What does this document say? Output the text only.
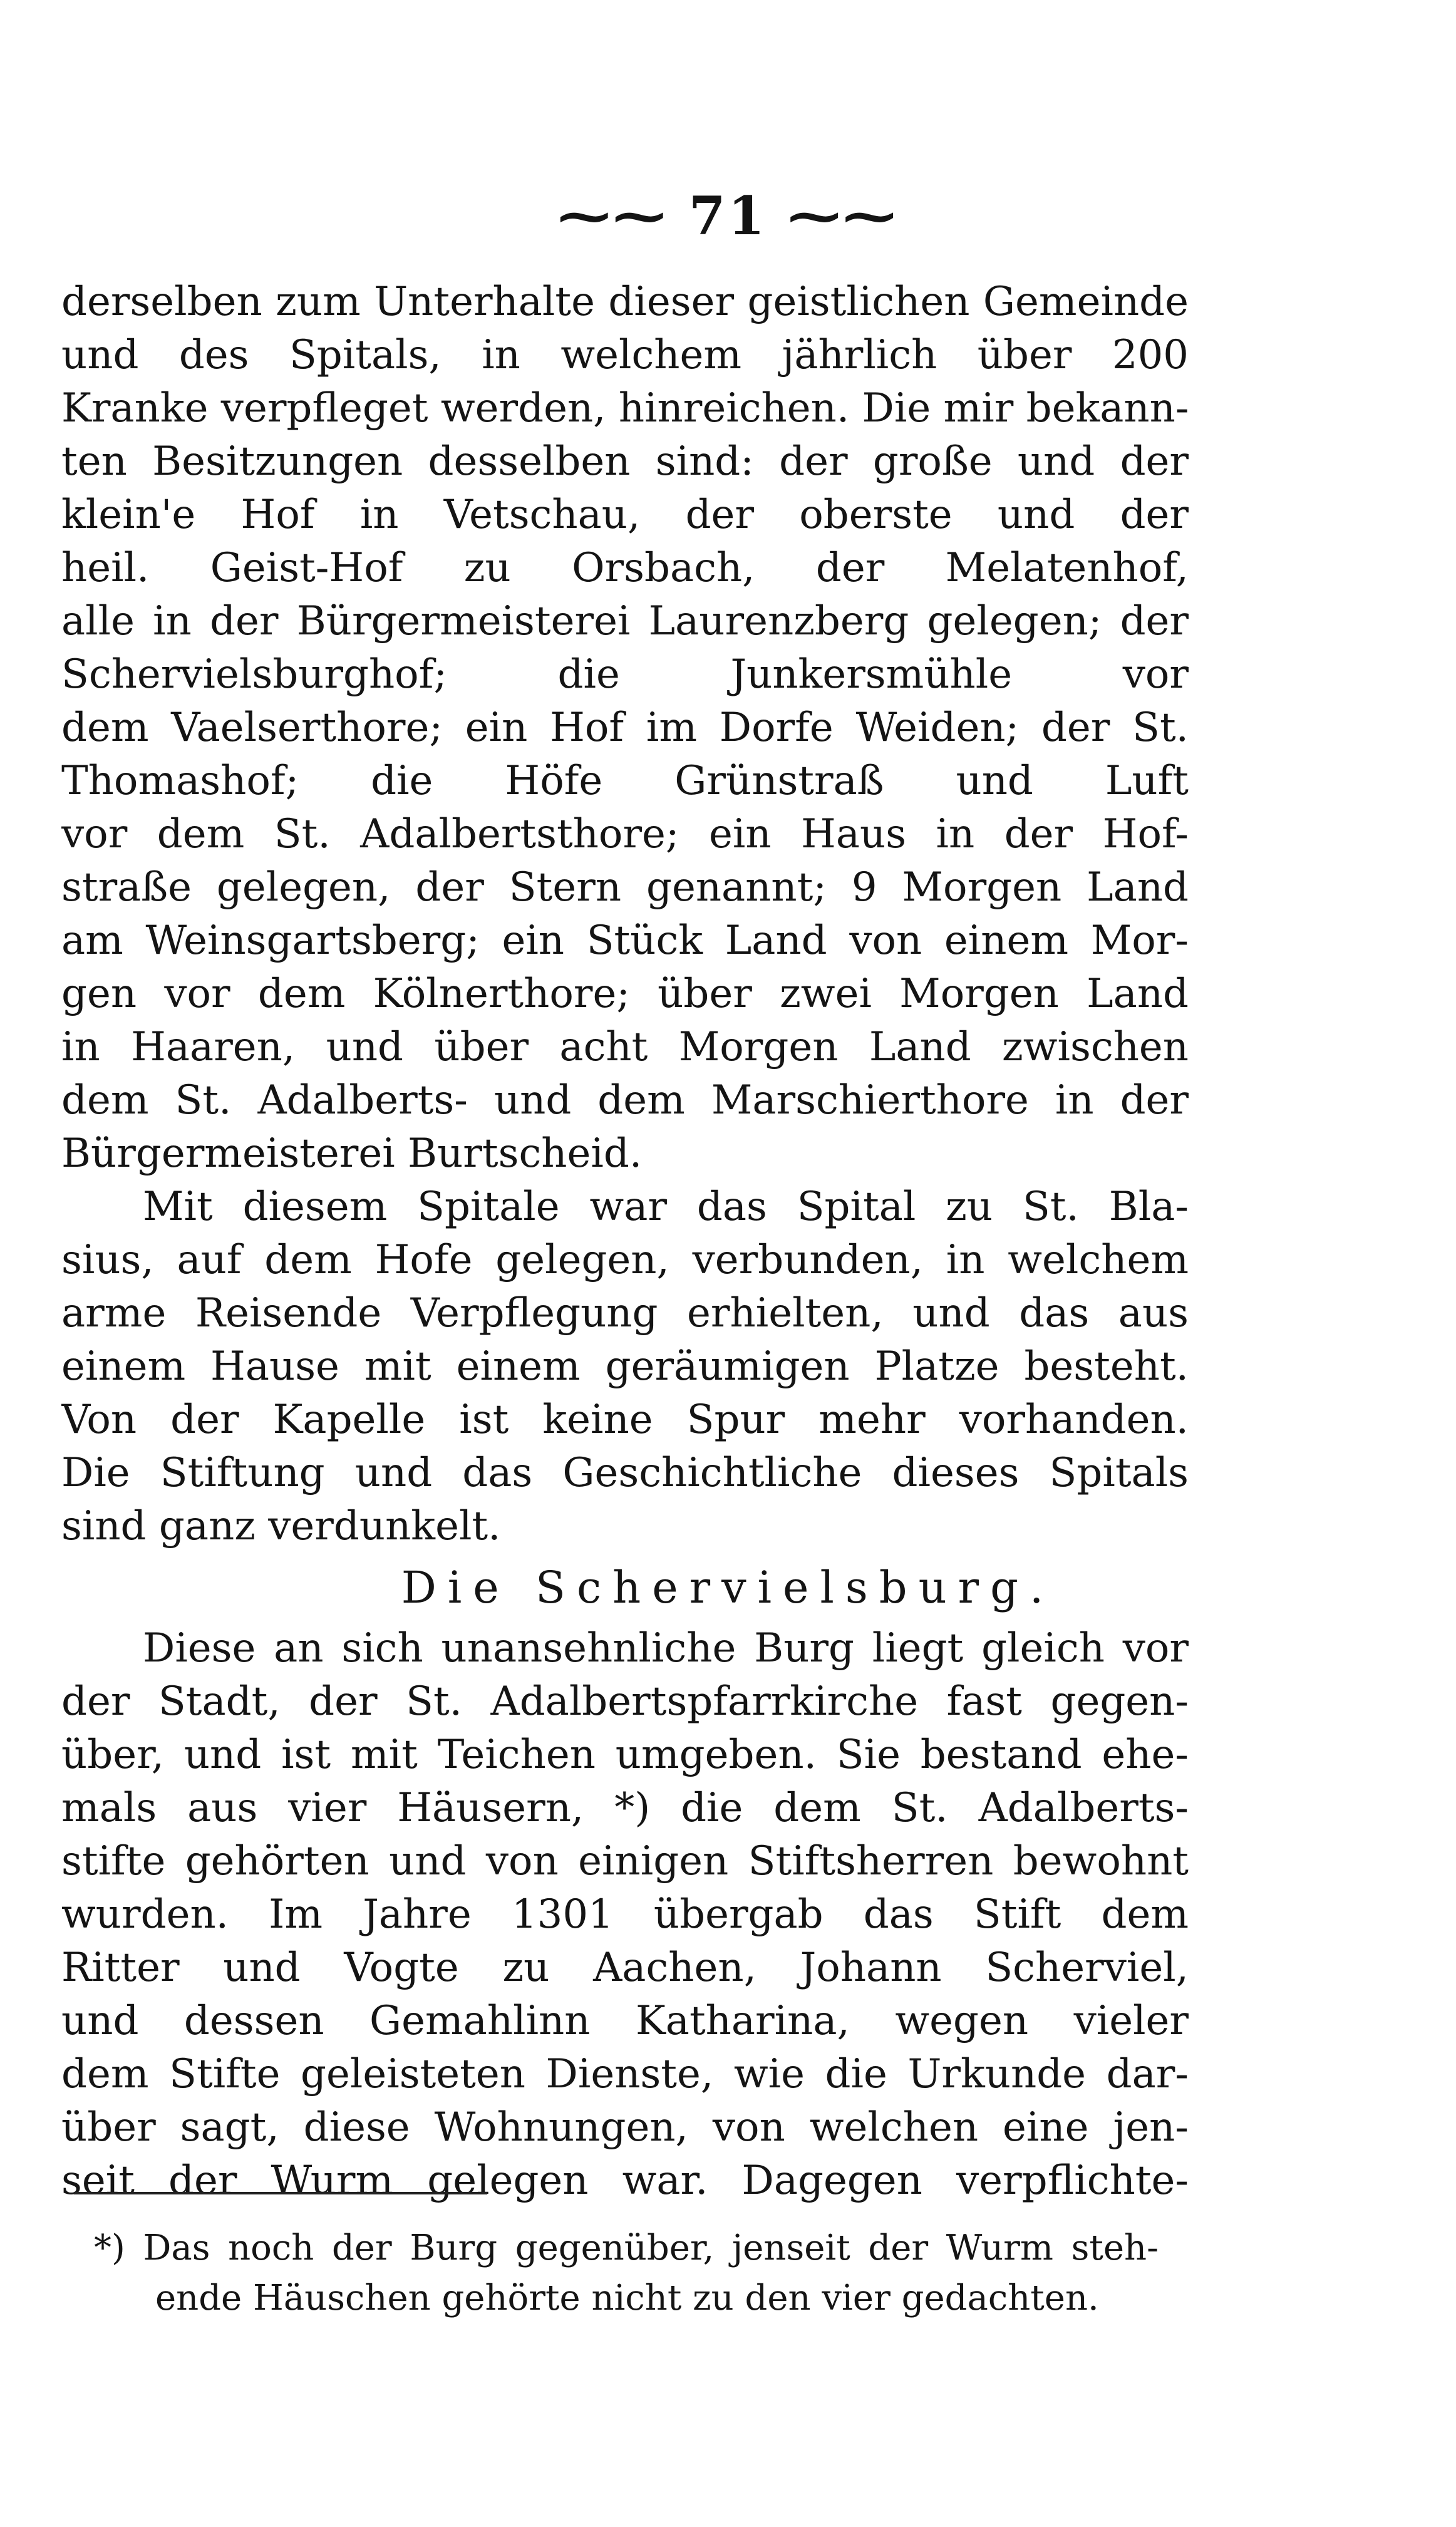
⁓⁓ 71 ⁓⁓
derselben zum Unterhalte dieser geistlichen Gemeinde
und des Spitals, in welchem jährlich über 200
Kranke verpfleget werden, hinreichen. Die mir bekann-
ten Besitzungen desselben sind: der große und der
klein'e Hof in Vetschau, der oberste und der
heil. Geist-Hof zu Orsbach, der Melatenhof,
alle in der Bürgermeisterei Laurenzberg gelegen; der
Schervielsburghof; die Junkersmühle vor
dem Vaelserthore; ein Hof im Dorfe Weiden; der St.
Thomashof; die Höfe Grünstraß und Luft
vor dem St. Adalbertsthore; ein Haus in der Hof-
straße gelegen, der Stern genannt; 9 Morgen Land
am Weinsgartsberg; ein Stück Land von einem Mor-
gen vor dem Kölnerthore; über zwei Morgen Land
in Haaren, und über acht Morgen Land zwischen
dem St. Adalberts- und dem Marschierthore in der
Bürgermeisterei Burtscheid.
Mit diesem Spitale war das Spital zu St. Bla-
sius, auf dem Hofe gelegen, verbunden, in welchem
arme Reisende Verpflegung erhielten, und das aus
einem Hause mit einem geräumigen Platze besteht.
Von der Kapelle ist keine Spur mehr vorhanden.
Die Stiftung und das Geschichtliche dieses Spitals
sind ganz verdunkelt.
Die Schervielsburg.
Diese an sich unansehnliche Burg liegt gleich vor
der Stadt, der St. Adalbertspfarrkirche fast gegen-
über, und ist mit Teichen umgeben. Sie bestand ehe-
mals aus vier Häusern, *) die dem St. Adalberts-
stifte gehörten und von einigen Stiftsherren bewohnt
wurden. Im Jahre 1301 übergab das Stift dem
Ritter und Vogte zu Aachen, Johann Scherviel,
und dessen Gemahlinn Katharina, wegen vieler
dem Stifte geleisteten Dienste, wie die Urkunde dar-
über sagt, diese Wohnungen, von welchen eine jen-
seit der Wurm gelegen war. Dagegen verpflichte-
*) Das noch der Burg gegenüber, jenseit der Wurm steh-
ende Häuschen gehörte nicht zu den vier gedachten.
